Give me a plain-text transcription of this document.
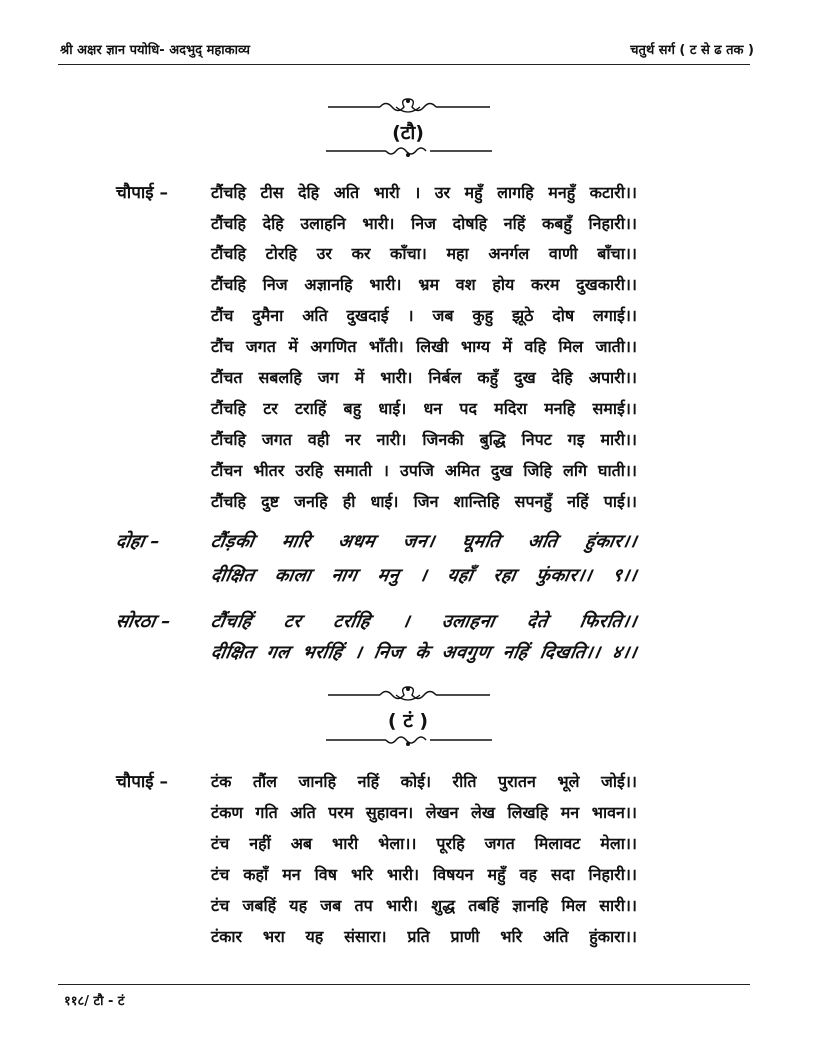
श्री अक्षर ज्ञान पयोधि- अदभुद् महाकाव्य	चतुर्थ सर्ग ( ट से ढ तक )
(टौ)
चौपाई –	टौंचहि टीस देहि अति भारी । उर महुँ लागहि मनहुँ कटारी।।
टौंचहि देहि उलाहनि भारी। निज दोषहि नहिं कबहुँ निहारी।।
टौंचहि टोरहि उर कर काँचा। महा अनर्गल वाणी बाँचा।।
टौंचहि निज अज्ञानहि भारी। भ्रम वश होय करम दुखकारी।।
टौंच दुमैना अति दुखदाई । जब कुहु झूठे दोष लगाई।।
टौंच जगत में अगणित भाँती। लिखी भाग्य में वहि मिल जाती।।
टौंचत सबलहि जग में भारी। निर्बल कहुँ दुख देहि अपारी।।
टौंचहि टर टराहिं बहु धाई। धन पद मदिरा मनहि समाई।।
टौंचहि जगत वही नर नारी। जिनकी बुद्धि निपट गइ मारी।।
टौंचन भीतर उरहि समाती । उपजि अमित दुख जिहि लगि घाती।।
टौंचहि दुष्ट जनहि ही धाई। जिन शान्तिहि सपनहुँ नहिं पाई।।
दोहा –	टौंड़की मारि अधम जन। घूमति अति हुंकार।।
दीक्षित काला नाग मनु । यहाँ रहा फुंकार।। ९।।
सोरठा – टौंचहिं टर टर्राहि । उलाहना देते फिरति।।
दीक्षित गल भर्राहिं । निज के अवगुण नहिं दिखति।। ४।।
( टं )
चौपाई –	टंक तौंल जानहि नहिं कोई। रीति पुरातन भूले जोई।।
टंकण गति अति परम सुहावन। लेखन लेख लिखहि मन भावन।।
टंच नहीं अब भारी भेला।। पूरहि जगत मिलावट मेला।।
टंच कहाँ मन विष भरि भारी। विषयन महुँ वह सदा निहारी।।
टंच जबहिं यह जब तप भारी। शुद्ध तबहिं ज्ञानहि मिल सारी।।
टंकार भरा यह संसारा। प्रति प्राणी भरि अति हुंकारा।।
११८/ टौ - टं
